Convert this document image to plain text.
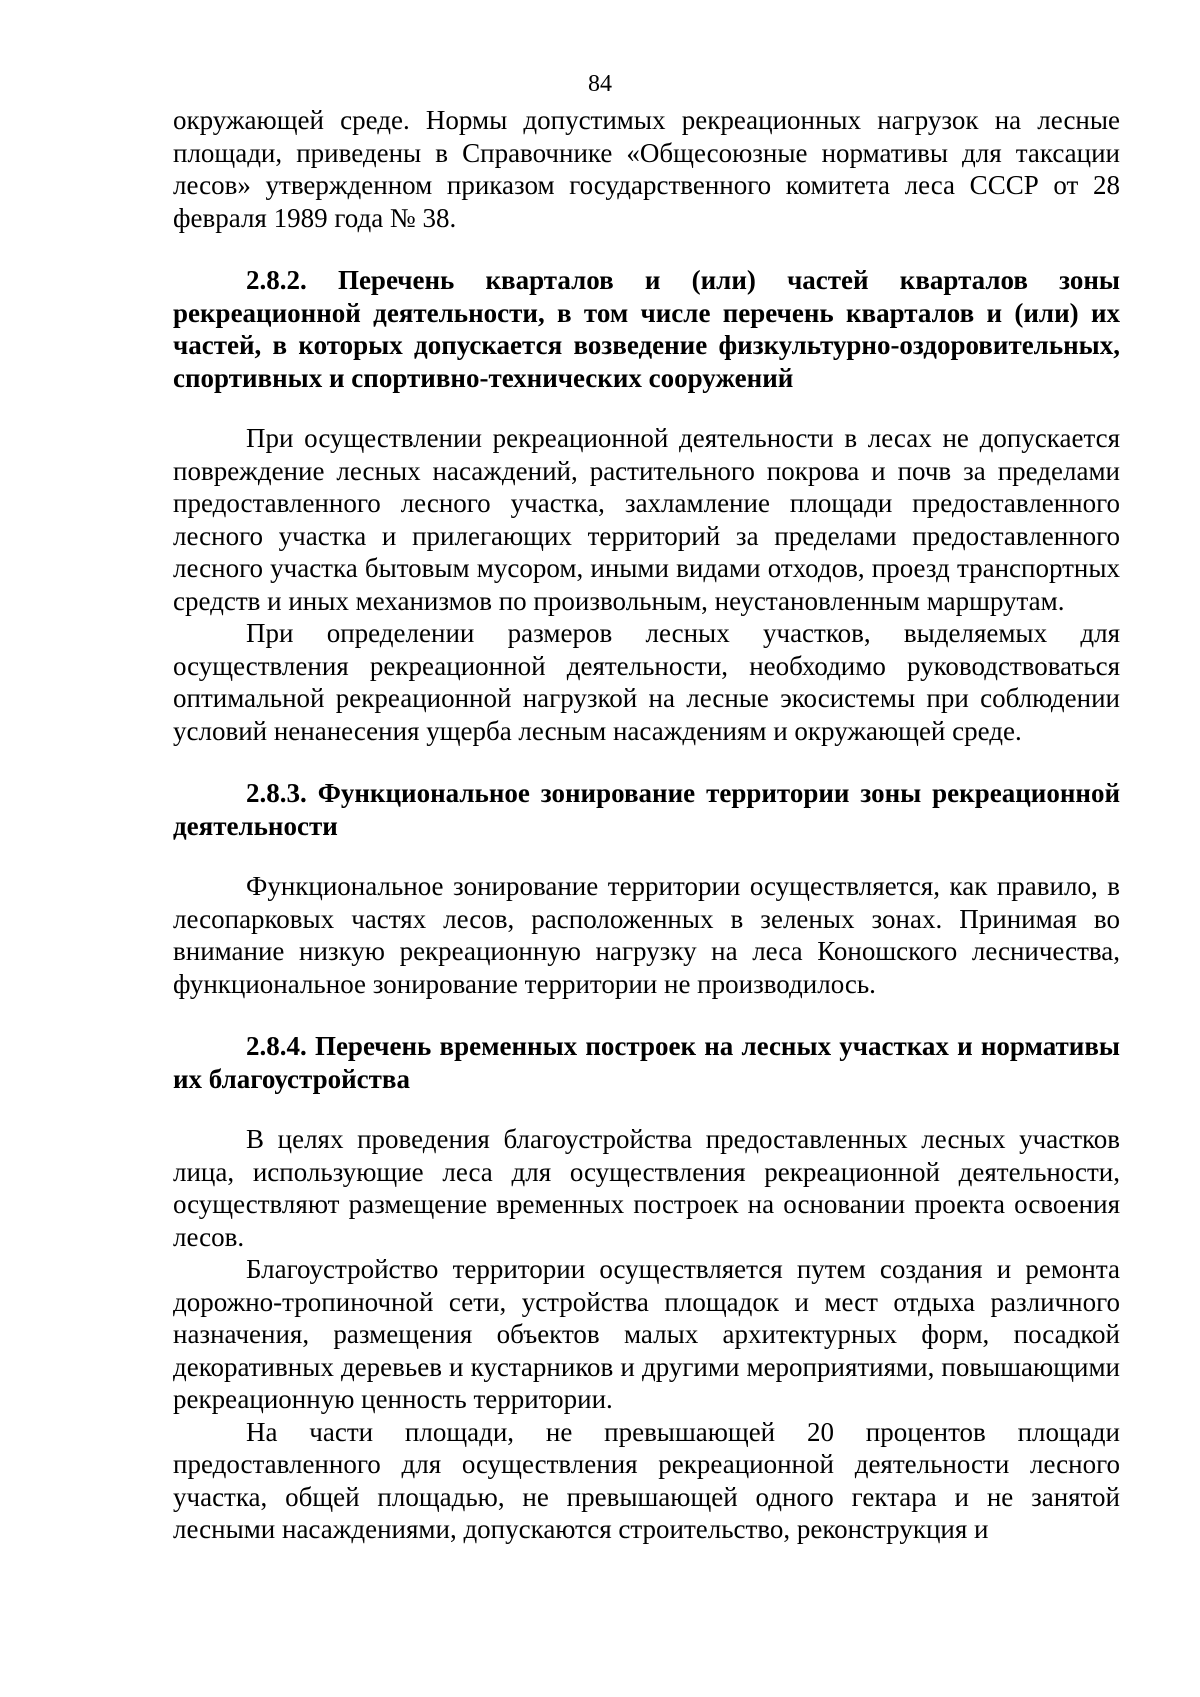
84

окружающей среде. Нормы допустимых рекреационных нагрузок на лесные площади, приведены в Справочнике «Общесоюзные нормативы для таксации лесов» утвержденном приказом государственного комитета леса СССР от 28 февраля 1989 года № 38.

2.8.2. Перечень кварталов и (или) частей кварталов зоны рекреационной деятельности, в том числе перечень кварталов и (или) их частей, в которых допускается возведение физкультурно-оздоровительных, спортивных и спортивно-технических сооружений

При осуществлении рекреационной деятельности в лесах не допускается повреждение лесных насаждений, растительного покрова и почв за пределами предоставленного лесного участка, захламление площади предоставленного лесного участка и прилегающих территорий за пределами предоставленного лесного участка бытовым мусором, иными видами отходов, проезд транспортных средств и иных механизмов по произвольным, неустановленным маршрутам.

При определении размеров лесных участков, выделяемых для осуществления рекреационной деятельности, необходимо руководствоваться оптимальной рекреационной нагрузкой на лесные экосистемы при соблюдении условий ненанесения ущерба лесным насаждениям и окружающей среде.

2.8.3. Функциональное зонирование территории зоны рекреационной деятельности

Функциональное зонирование территории осуществляется, как правило, в лесопарковых частях лесов, расположенных в зеленых зонах. Принимая во внимание низкую рекреационную нагрузку на леса Коношского лесничества, функциональное зонирование территории не производилось.

2.8.4. Перечень временных построек на лесных участках и нормативы их благоустройства

В целях проведения благоустройства предоставленных лесных участков лица, использующие леса для осуществления рекреационной деятельности, осуществляют размещение временных построек на основании проекта освоения лесов.

Благоустройство территории осуществляется путем создания и ремонта дорожно-тропиночной сети, устройства площадок и мест отдыха различного назначения, размещения объектов малых архитектурных форм, посадкой декоративных деревьев и кустарников и другими мероприятиями, повышающими рекреационную ценность территории.

На части площади, не превышающей 20 процентов площади предоставленного для осуществления рекреационной деятельности лесного участка, общей площадью, не превышающей одного гектара и не занятой лесными насаждениями, допускаются строительство, реконструкция и
